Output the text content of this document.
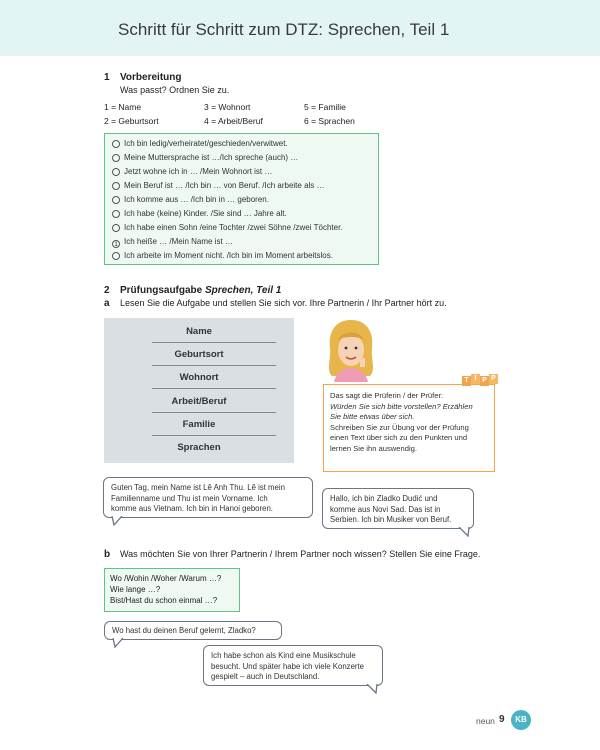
Schritt für Schritt zum DTZ: Sprechen, Teil 1
1 Vorbereitung
Was passt? Ordnen Sie zu.
1 = Name
2 = Geburtsort
3 = Wohnort
4 = Arbeit/Beruf
5 = Familie
6 = Sprachen
Ich bin ledig/verheiratet/geschieden/verwitwet.
Meine Muttersprache ist …/Ich spreche (auch) …
Jetzt wohne ich in … /Mein Wohnort ist …
Mein Beruf ist … /Ich bin … von Beruf. /Ich arbeite als …
Ich komme aus … /Ich bin in … geboren.
Ich habe (keine) Kinder. /Sie sind … Jahre alt.
Ich habe einen Sohn /eine Tochter /zwei Söhne /zwei Töchter.
1 Ich heiße … /Mein Name ist …
Ich arbeite im Moment nicht. /Ich bin im Moment arbeitslos.
2 Prüfungsaufgabe Sprechen, Teil 1
a Lesen Sie die Aufgabe und stellen Sie sich vor. Ihre Partnerin / Ihr Partner hört zu.
Name
Geburtsort
Wohnort
Arbeit/Beruf
Familie
Sprachen
Das sagt die Prüferin / der Prüfer:
Würden Sie sich bitte vorstellen? Erzählen
Sie bitte etwas über sich.
Schreiben Sie zur Übung vor der Prüfung
einen Text über sich zu den Punkten und
lernen Sie ihn auswendig.
T I P P
Guten Tag, mein Name ist Lê Anh Thu. Lê ist mein
Familienname und Thu ist mein Vorname. Ich
komme aus Vietnam. Ich bin in Hanoi geboren.
Hallo, ich bin Zladko Dudić und
komme aus Novi Sad. Das ist in
Serbien. Ich bin Musiker von Beruf.
b Was möchten Sie von Ihrer Partnerin / Ihrem Partner noch wissen? Stellen Sie eine Frage.
Wo /Wohin /Woher /Warum …?
Wie lange …?
Bist/Hast du schon einmal …?
Wo hast du deinen Beruf gelernt, Zladko?
Ich habe schon als Kind eine Musikschule
besucht. Und später habe ich viele Konzerte
gespielt – auch in Deutschland.
neun 9	KB
